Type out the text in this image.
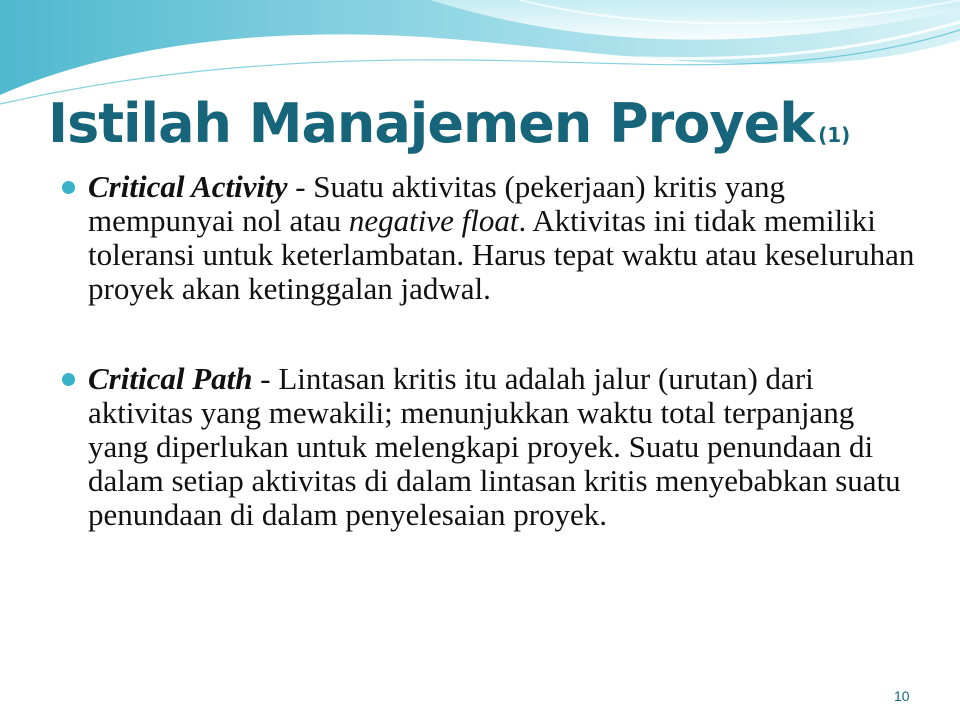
Istilah Manajemen Proyek (1)
Critical Activity - Suatu aktivitas (pekerjaan) kritis yang mempunyai nol atau negative float. Aktivitas ini tidak memiliki toleransi untuk keterlambatan. Harus tepat waktu atau keseluruhan proyek akan ketinggalan jadwal.
Critical Path - Lintasan kritis itu adalah jalur (urutan) dari aktivitas yang mewakili; menunjukkan waktu total terpanjang yang diperlukan untuk melengkapi proyek. Suatu penundaan di dalam setiap aktivitas di dalam lintasan kritis menyebabkan suatu penundaan di dalam penyelesaian proyek.
10
